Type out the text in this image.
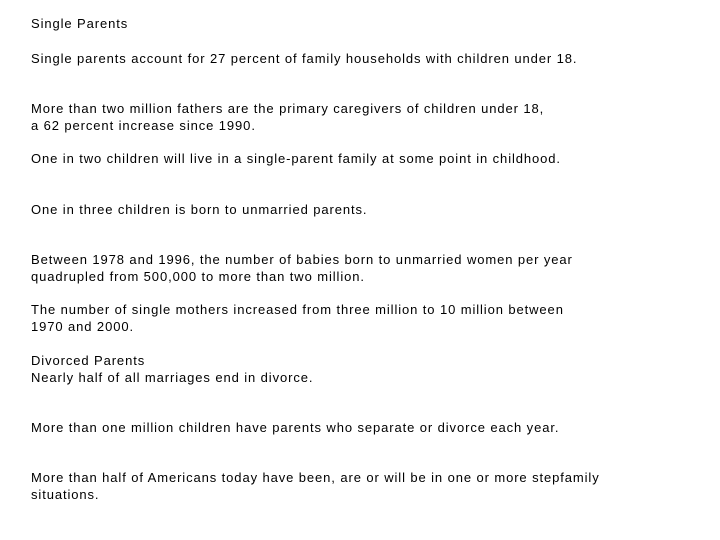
Single Parents

Single parents account for 27 percent of family households with children under 18.

More than two million fathers are the primary caregivers of children under 18,

a 62 percent increase since 1990.

One in two children will live in a single-parent family at some point in childhood.

One in three children is born to unmarried parents.

Between 1978 and 1996, the number of babies born to unmarried women per year

quadrupled from 500,000 to more than two million.

The number of single mothers increased from three million to 10 million between

1970 and 2000.

Divorced Parents

Nearly half of all marriages end in divorce.

More than one million children have parents who separate or divorce each year.

More than half of Americans today have been, are or will be in one or more stepfamily

situations.
